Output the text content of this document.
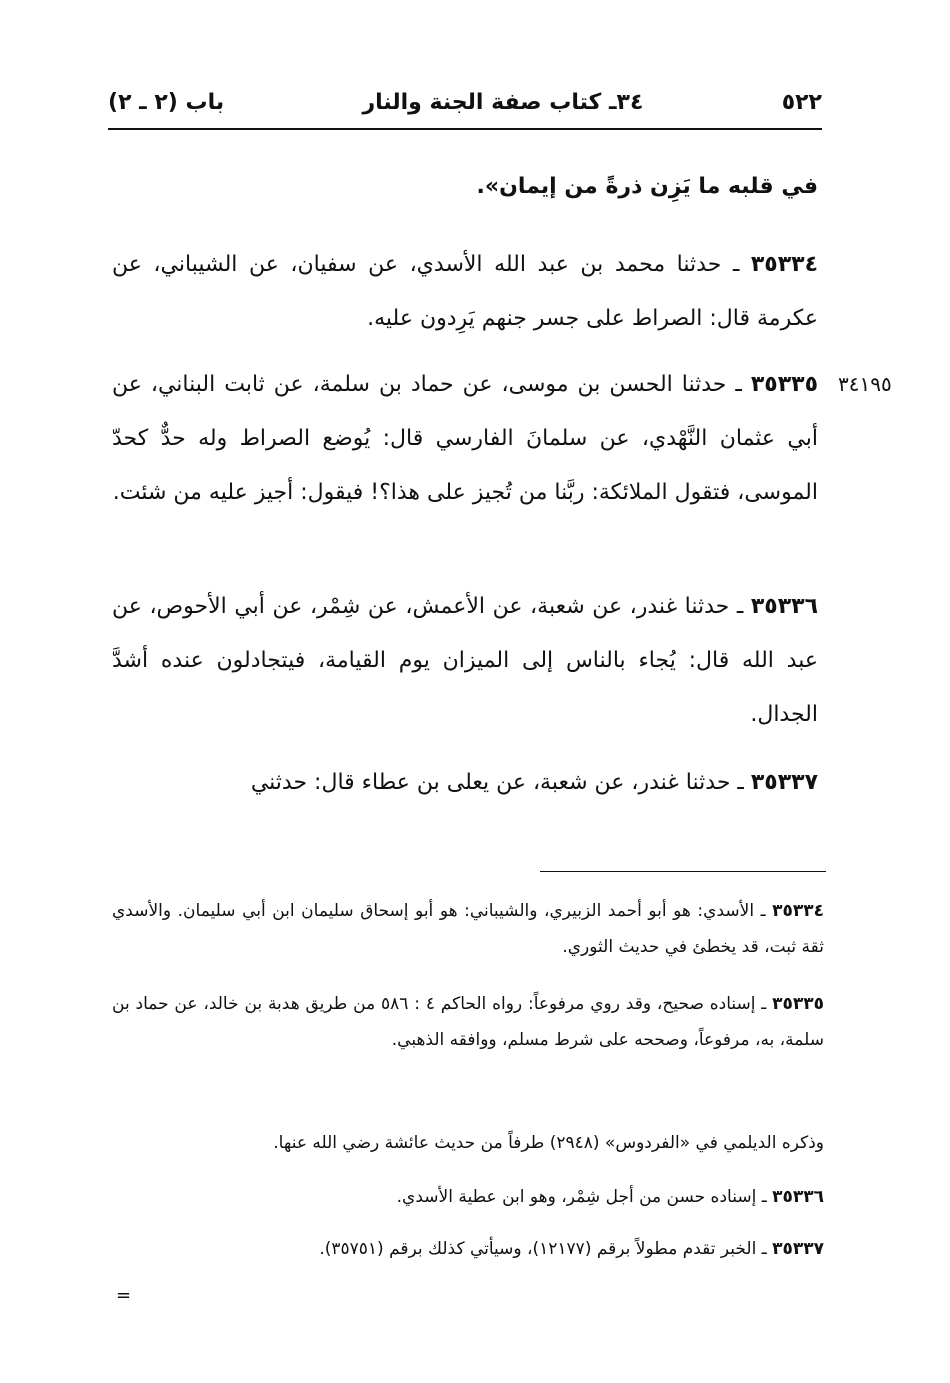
٥٢٢
٣٤ـ كتاب صفة الجنة والنار
باب (٢ ـ ٢)
في قلبه ما يَزِن ذرةً من إيمان».
٣٥٣٣٤ ـ حدثنا محمد بن عبد الله الأسدي، عن سفيان، عن الشيباني، عن عكرمة قال: الصراط على جسر جنهم يَرِدون عليه.
٣٤١٩٥
٣٥٣٣٥ ـ حدثنا الحسن بن موسى، عن حماد بن سلمة، عن ثابت البناني، عن أبي عثمان النَّهْدي، عن سلمانَ الفارسي قال: يُوضع الصراط وله حدٌّ كحدّ الموسى، فتقول الملائكة: ربَّنا من تُجيز على هذا؟! فيقول: أجيز عليه من شئت.
٣٥٣٣٦ ـ حدثنا غندر، عن شعبة، عن الأعمش، عن شِمْر، عن أبي الأحوص، عن عبد الله قال: يُجاء بالناس إلى الميزان يوم القيامة، فيتجادلون عنده أشدَّ الجدال.
٣٥٣٣٧ ـ حدثنا غندر، عن شعبة، عن يعلى بن عطاء قال: حدثني
٣٥٣٣٤ ـ الأسدي: هو أبو أحمد الزبيري، والشيباني: هو أبو إسحاق سليمان ابن أبي سليمان. والأسدي ثقة ثبت، قد يخطئ في حديث الثوري.
٣٥٣٣٥ ـ إسناده صحيح، وقد روي مرفوعاً: رواه الحاكم ٤ : ٥٨٦ من طريق هدبة بن خالد، عن حماد بن سلمة، به، مرفوعاً، وصححه على شرط مسلم، ووافقه الذهبي.
وذكره الديلمي في «الفردوس» (٢٩٤٨) طرفاً من حديث عائشة رضي الله عنها.
٣٥٣٣٦ ـ إسناده حسن من أجل شِمْر، وهو ابن عطية الأسدي.
٣٥٣٣٧ ـ الخبر تقدم مطولاً برقم (١٢١٧٧)، وسيأتي كذلك برقم (٣٥٧٥١).
=
